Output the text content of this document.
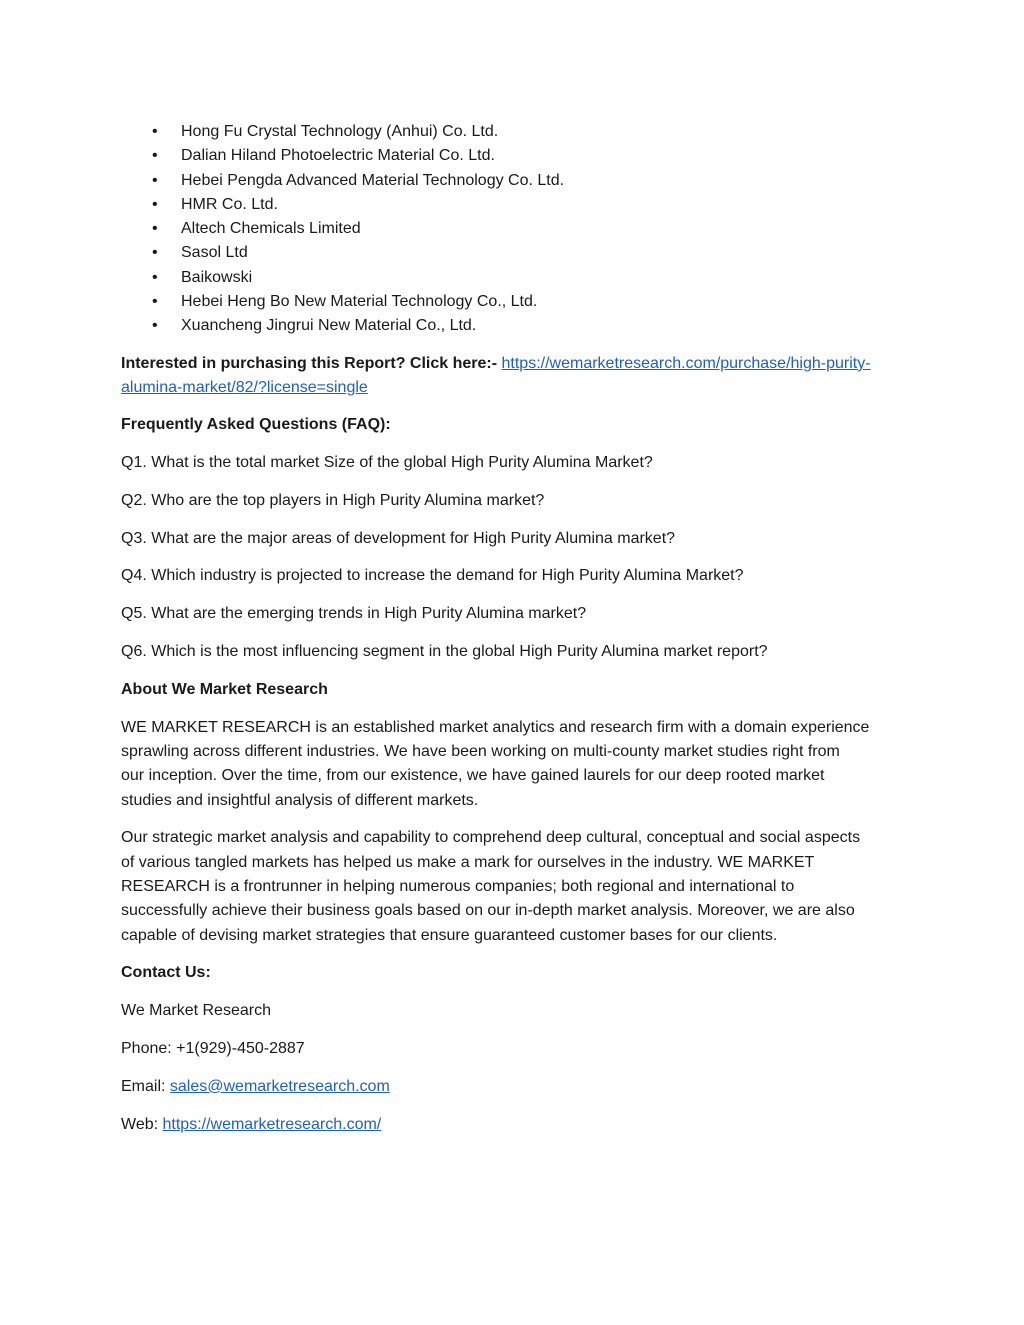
• Hong Fu Crystal Technology (Anhui) Co. Ltd.
• Dalian Hiland Photoelectric Material Co. Ltd.
• Hebei Pengda Advanced Material Technology Co. Ltd.
• HMR Co. Ltd.
• Altech Chemicals Limited
• Sasol Ltd
• Baikowski
• Hebei Heng Bo New Material Technology Co., Ltd.
• Xuancheng Jingrui New Material Co., Ltd.

Interested in purchasing this Report? Click here:- https://wemarketresearch.com/purchase/high-purity-
alumina-market/82/?license=single

Frequently Asked Questions (FAQ):

Q1. What is the total market Size of the global High Purity Alumina Market?

Q2. Who are the top players in High Purity Alumina market?

Q3. What are the major areas of development for High Purity Alumina market?

Q4. Which industry is projected to increase the demand for High Purity Alumina Market?

Q5. What are the emerging trends in High Purity Alumina market?

Q6. Which is the most influencing segment in the global High Purity Alumina market report?

About We Market Research

WE MARKET RESEARCH is an established market analytics and research firm with a domain experience
sprawling across different industries. We have been working on multi-county market studies right from
our inception. Over the time, from our existence, we have gained laurels for our deep rooted market
studies and insightful analysis of different markets.

Our strategic market analysis and capability to comprehend deep cultural, conceptual and social aspects
of various tangled markets has helped us make a mark for ourselves in the industry. WE MARKET
RESEARCH is a frontrunner in helping numerous companies; both regional and international to
successfully achieve their business goals based on our in-depth market analysis. Moreover, we are also
capable of devising market strategies that ensure guaranteed customer bases for our clients.

Contact Us:

We Market Research

Phone: +1(929)-450-2887

Email: sales@wemarketresearch.com

Web: https://wemarketresearch.com/
